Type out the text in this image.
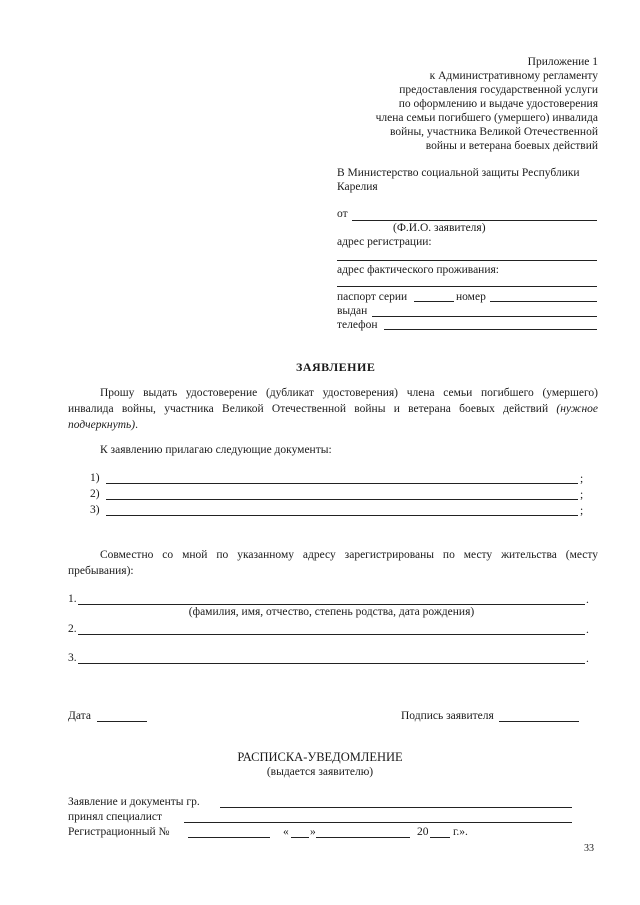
Приложение 1
к Административному регламенту
предоставления государственной услуги
по оформлению и выдаче удостоверения
члена семьи погибшего (умершего) инвалида
войны, участника Великой Отечественной
войны и ветерана боевых действий
В Министерство социальной защиты Республики
Карелия
от
(Ф.И.О. заявителя)
адрес регистрации:
адрес фактического проживания:
паспорт серии	номер
выдан
телефон
ЗАЯВЛЕНИЕ
Прошу выдать удостоверение (дубликат удостоверения) члена семьи погибшего (умершего) инвалида войны, участника Великой Отечественной войны и ветерана боевых действий (нужное подчеркнуть).
К заявлению прилагаю следующие документы:
1)	;
2)	;
3)	;
Совместно со мной по указанному адресу зарегистрированы по месту жительства (месту пребывания):
1.	.
(фамилия, имя, отчество, степень родства, дата рождения)
2.	.
3.	.
Дата	Подпись заявителя
РАСПИСКА-УВЕДОМЛЕНИЕ
(выдается заявителю)
Заявление и документы гр.
принял специалист
Регистрационный №	« »	20 г.».
33
